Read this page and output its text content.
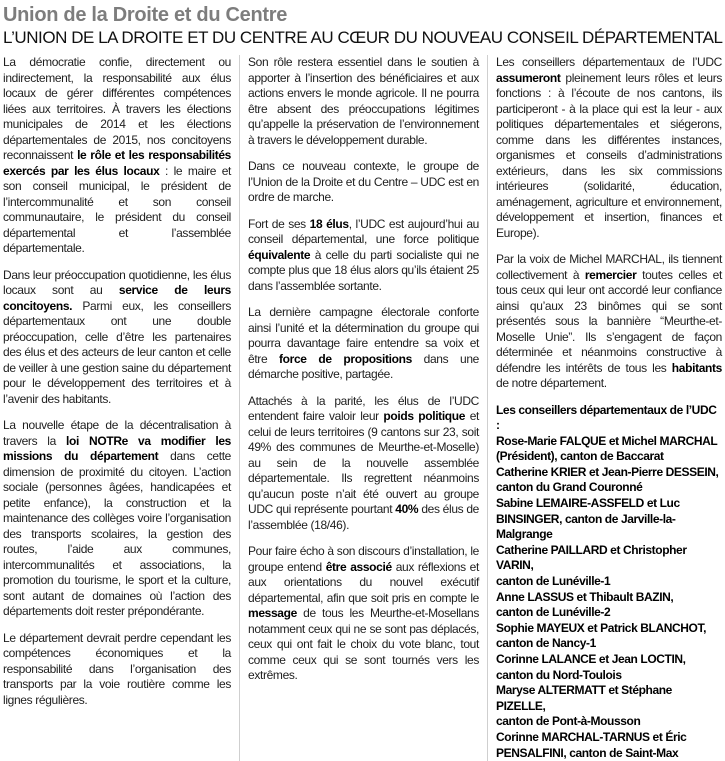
Union de la Droite et du Centre
L’UNION DE LA DROITE ET DU CENTRE AU CŒUR DU NOUVEAU CONSEIL DÉPARTEMENTAL

La démocratie confie, directement ou indirectement, la responsabilité aux élus locaux de gérer différentes compétences liées aux territoires. À travers les élections municipales de 2014 et les élections départementales de 2015, nos concitoyens reconnaissent le rôle et les responsabilités exercés par les élus locaux : le maire et son conseil municipal, le président de l’intercommunalité et son conseil communautaire, le président du conseil départemental et l’assemblée départementale.

Dans leur préoccupation quotidienne, les élus locaux sont au service de leurs concitoyens. Parmi eux, les conseillers départementaux ont une double préoccupation, celle d’être les partenaires des élus et des acteurs de leur canton et celle de veiller à une gestion saine du département pour le développement des territoires et à l’avenir des habitants.

La nouvelle étape de la décentralisation à travers la loi NOTRe va modifier les missions du département dans cette dimension de proximité du citoyen. L’action sociale (personnes âgées, handicapées et petite enfance), la construction et la maintenance des collèges voire l’organisation des transports scolaires, la gestion des routes, l’aide aux communes, intercommunalités et associations, la promotion du tourisme, le sport et la culture, sont autant de domaines où l’action des départements doit rester prépondérante.

Le département devrait perdre cependant les compétences économiques et la responsabilité dans l’organisation des transports par la voie routière comme les lignes régulières.

Son rôle restera essentiel dans le soutien à apporter à l’insertion des bénéficiaires et aux actions envers le monde agricole. Il ne pourra être absent des préoccupations légitimes qu’appelle la préservation de l’environnement à travers le développement durable.

Dans ce nouveau contexte, le groupe de l’Union de la Droite et du Centre – UDC est en ordre de marche.

Fort de ses 18 élus, l’UDC est aujourd’hui au conseil départemental, une force politique équivalente à celle du parti socialiste qui ne compte plus que 18 élus alors qu’ils étaient 25 dans l’assemblée sortante.

La dernière campagne électorale conforte ainsi l’unité et la détermination du groupe qui pourra davantage faire entendre sa voix et être force de propositions dans une démarche positive, partagée.

Attachés à la parité, les élus de l’UDC entendent faire valoir leur poids politique et celui de leurs territoires (9 cantons sur 23, soit 49% des communes de Meurthe-et-Moselle) au sein de la nouvelle assemblée départementale. Ils regrettent néanmoins qu’aucun poste n’ait été ouvert au groupe UDC qui représente pourtant 40% des élus de l’assemblée (18/46).

Pour faire écho à son discours d’installation, le groupe entend être associé aux réflexions et aux orientations du nouvel exécutif départemental, afin que soit pris en compte le message de tous les Meurthe-et-Mosellans notamment ceux qui ne se sont pas déplacés, ceux qui ont fait le choix du vote blanc, tout comme ceux qui se sont tournés vers les extrêmes.

Les conseillers départementaux de l’UDC assumeront pleinement leurs rôles et leurs fonctions : à l’écoute de nos cantons, ils participeront - à la place qui est la leur - aux politiques départementales et siégerons, comme dans les différentes instances, organismes et conseils d’administrations extérieurs, dans les six commissions intérieures (solidarité, éducation, aménagement, agriculture et environnement, développement et insertion, finances et Europe).

Par la voix de Michel MARCHAL, ils tiennent collectivement à remercier toutes celles et tous ceux qui leur ont accordé leur confiance ainsi qu’aux 23 binômes qui se sont présentés sous la bannière “Meurthe-et-Moselle Unie”. Ils s’engagent de façon déterminée et néanmoins constructive à défendre les intérêts de tous les habitants de notre département.

Les conseillers départementaux de l’UDC :
Rose-Marie FALQUE et Michel MARCHAL
(Président), canton de Baccarat
Catherine KRIER et Jean-Pierre DESSEIN,
canton du Grand Couronné
Sabine LEMAIRE-ASSFELD et Luc
BINSINGER, canton de Jarville-la-Malgrange
Catherine PAILLARD et Christopher VARIN,
canton de Lunéville-1
Anne LASSUS et Thibault BAZIN,
canton de Lunéville-2
Sophie MAYEUX et Patrick BLANCHOT,
canton de Nancy-1
Corinne LALANCE et Jean LOCTIN,
canton du Nord-Toulois
Maryse ALTERMATT et Stéphane PIZELLE,
canton de Pont-à-Mousson
Corinne MARCHAL-TARNUS et Éric
PENSALFINI, canton de Saint-Max
